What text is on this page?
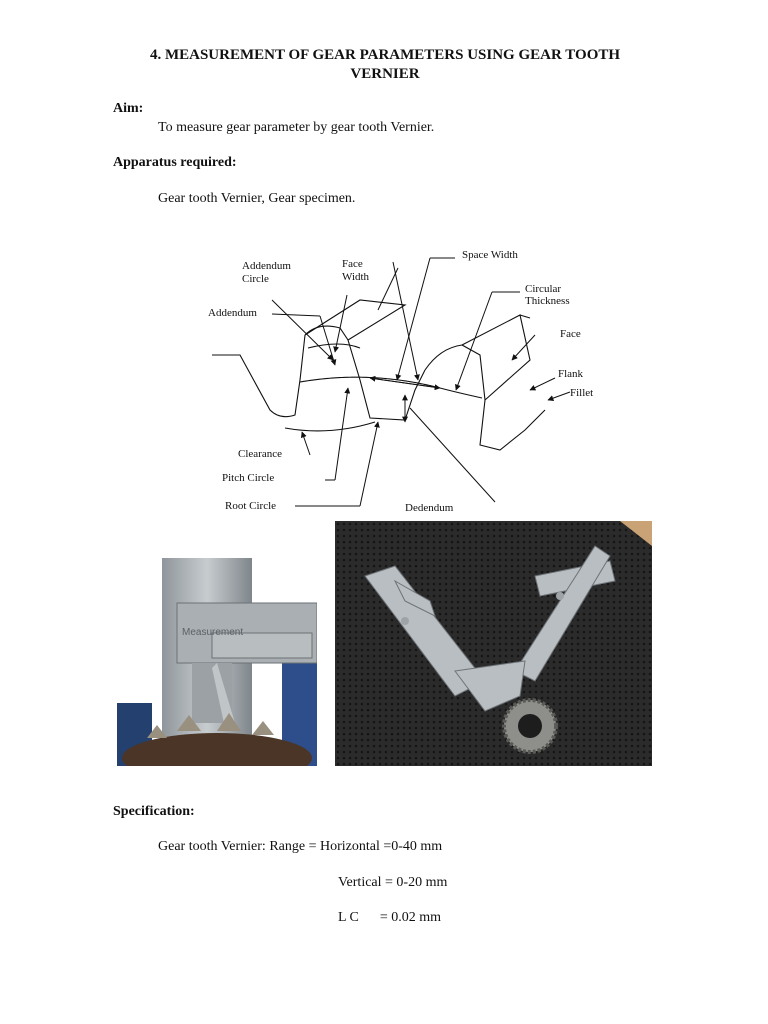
4. MEASUREMENT OF GEAR PARAMETERS USING GEAR TOOTH
VERNIER
Aim:
To measure gear parameter by gear tooth Vernier.
Apparatus required:
Gear tooth Vernier, Gear specimen.
Addendum
Circle
Face
Width
Space Width
Circular
Thickness
Addendum
Face
Flank
Fillet
Clearance
Pitch Circle
Root Circle	Dedendum
Measurement
Specification:
Gear tooth Vernier: Range = Horizontal =0-40 mm
Vertical = 0-20 mm
L C      = 0.02 mm
